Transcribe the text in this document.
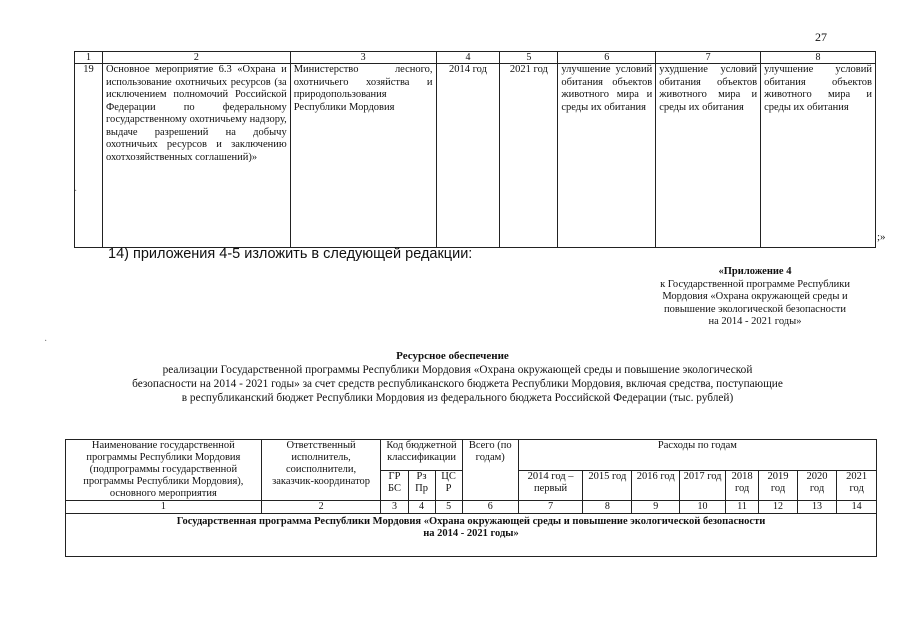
27
1	2	3	4	5	6	7	8
19	Основное мероприятие 6.3 «Охрана и использование охотничьих ресурсов (за исключением полномочий Российской Федерации по федеральному государственному охотничьему надзору, выдаче разрешений на добычу охотничьих ресурсов и заключению охотхозяйственных соглашений)»	Министерство лесного, охотничьего хозяйства и природопользования Республики Мордовия	2014 год	2021 год	улучшение условий обитания объектов животного мира и среды их обитания	ухудшение условий обитания объектов животного мира и среды их обитания	улучшение условий обитания объектов животного мира и среды их обитания
;»
14) приложения 4-5 изложить в следующей редакции:
«Приложение 4
к Государственной программе Республики
Мордовия «Охрана окружающей среды и
повышение экологической безопасности
на 2014 - 2021 годы»
Ресурсное обеспечение
реализации Государственной программы Республики Мордовия «Охрана окружающей среды и повышение экологической
безопасности на 2014 - 2021 годы» за счет средств республиканского бюджета Республики Мордовия, включая средства, поступающие
в республиканский бюджет Республики Мордовия из федерального бюджета Российской Федерации (тыс. рублей)
Наименование государственной программы Республики Мордовия (подпрограммы государственной программы Республики Мордовия), основного мероприятия	Ответственный исполнитель, соисполнители, заказчик-координатор	Код бюджетной классификации			Всего (по годам)	Расходы по годам							
		ГР БС	Рз Пр	ЦС Р		2014 год – первый	2015 год	2016 год	2017 год	2018 год	2019 год	2020 год	2021 год
1	2	3	4	5	6	7	8	9	10	11	12	13	14

Государственная программа Республики Мордовия «Охрана окружающей среды и повышение экологической безопасности
на 2014 - 2021 годы»													
·
·
